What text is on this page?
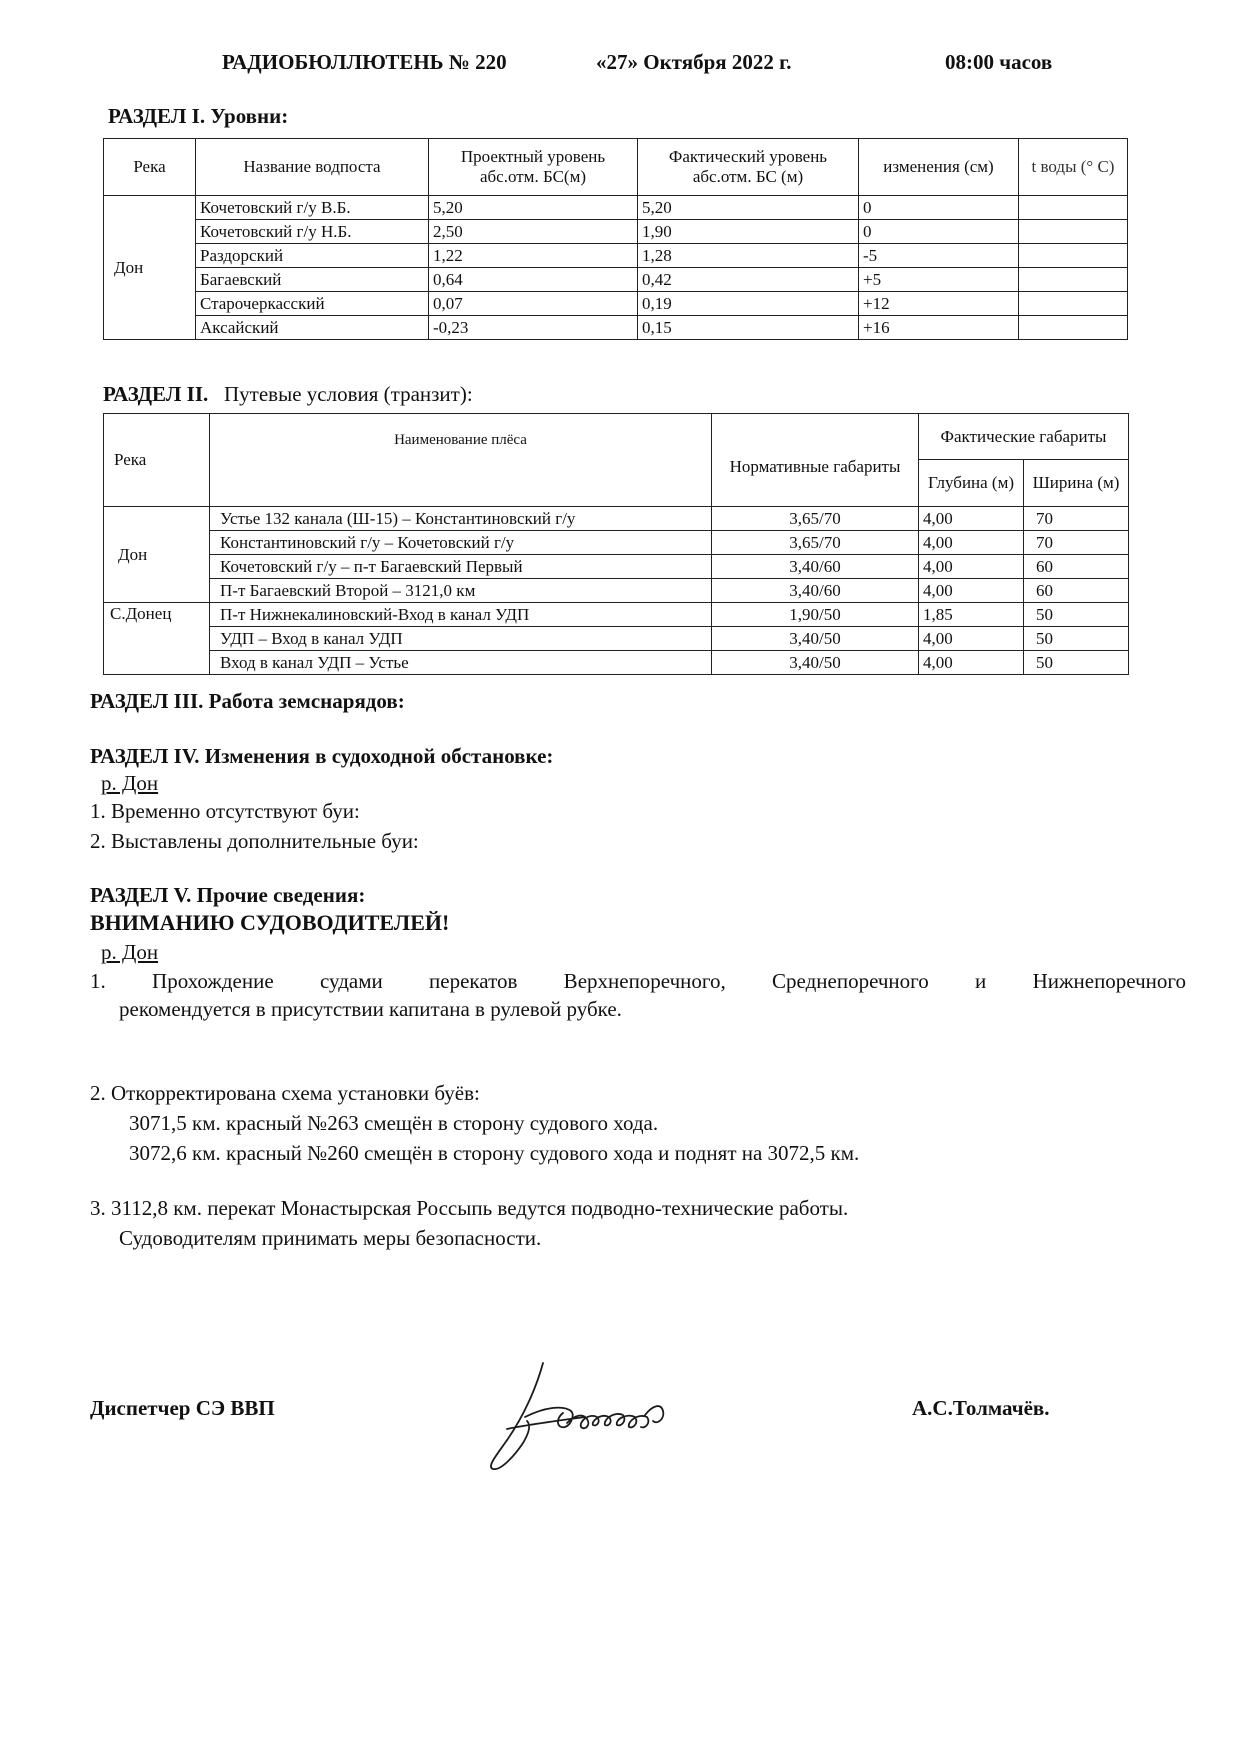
РАДИОБЮЛЛЮТЕНЬ № 220	«27» Октября 2022 г.	08:00 часов
РАЗДЕЛ I. Уровни:
Река	Название водпоста	Проектный уровень абс.отм. БС(м)	Фактический уровень абс.отм. БС (м)	изменения (см)	t воды (° С)
Дон	Кочетовский г/у В.Б.	5,20	5,20	0	
	Кочетовский г/у Н.Б.	2,50	1,90	0	
	Раздорский	1,22	1,28	-5	
	Багаевский	0,64	0,42	+5	
	Старочеркасский	0,07	0,19	+12	
	Аксайский	-0,23	0,15	+16	
РАЗДЕЛ II. Путевые условия (транзит):
Река	Наименование плёса	Нормативные габариты	Фактические габариты	
			Глубина (м)	Ширина (м)
Дон	Устье 132 канала (Ш-15) – Константиновский г/у	3,65/70	4,00	70
	Константиновский г/у – Кочетовский г/у	3,65/70	4,00	70
	Кочетовский г/у – п-т Багаевский Первый	3,40/60	4,00	60
	П-т Багаевский Второй – 3121,0 км	3,40/60	4,00	60
С.Донец	П-т Нижнекалиновский-Вход в канал УДП	1,90/50	1,85	50
	УДП – Вход в канал УДП	3,40/50	4,00	50
	Вход в канал УДП – Устье	3,40/50	4,00	50
РАЗДЕЛ III. Работа земснарядов:
РАЗДЕЛ IV. Изменения в судоходной обстановке:
р. Дон
1. Временно отсутствуют буи:
2. Выставлены дополнительные буи:
РАЗДЕЛ V. Прочие сведения:
ВНИМАНИЮ СУДОВОДИТЕЛЕЙ!
р. Дон
1. Прохождение судами перекатов Верхнепоречного, Среднепоречного и Нижнепоречного
рекомендуется в присутствии капитана в рулевой рубке.
2. Откорректирована схема установки буёв:
3071,5 км. красный №263 смещён в сторону судового хода.
3072,6 км. красный №260 смещён в сторону судового хода и поднят на 3072,5 км.
3. 3112,8 км. перекат Монастырская Россыпь ведутся подводно-технические работы.
Судоводителям принимать меры безопасности.
Диспетчер СЭ ВВП	А.С.Толмачёв.
